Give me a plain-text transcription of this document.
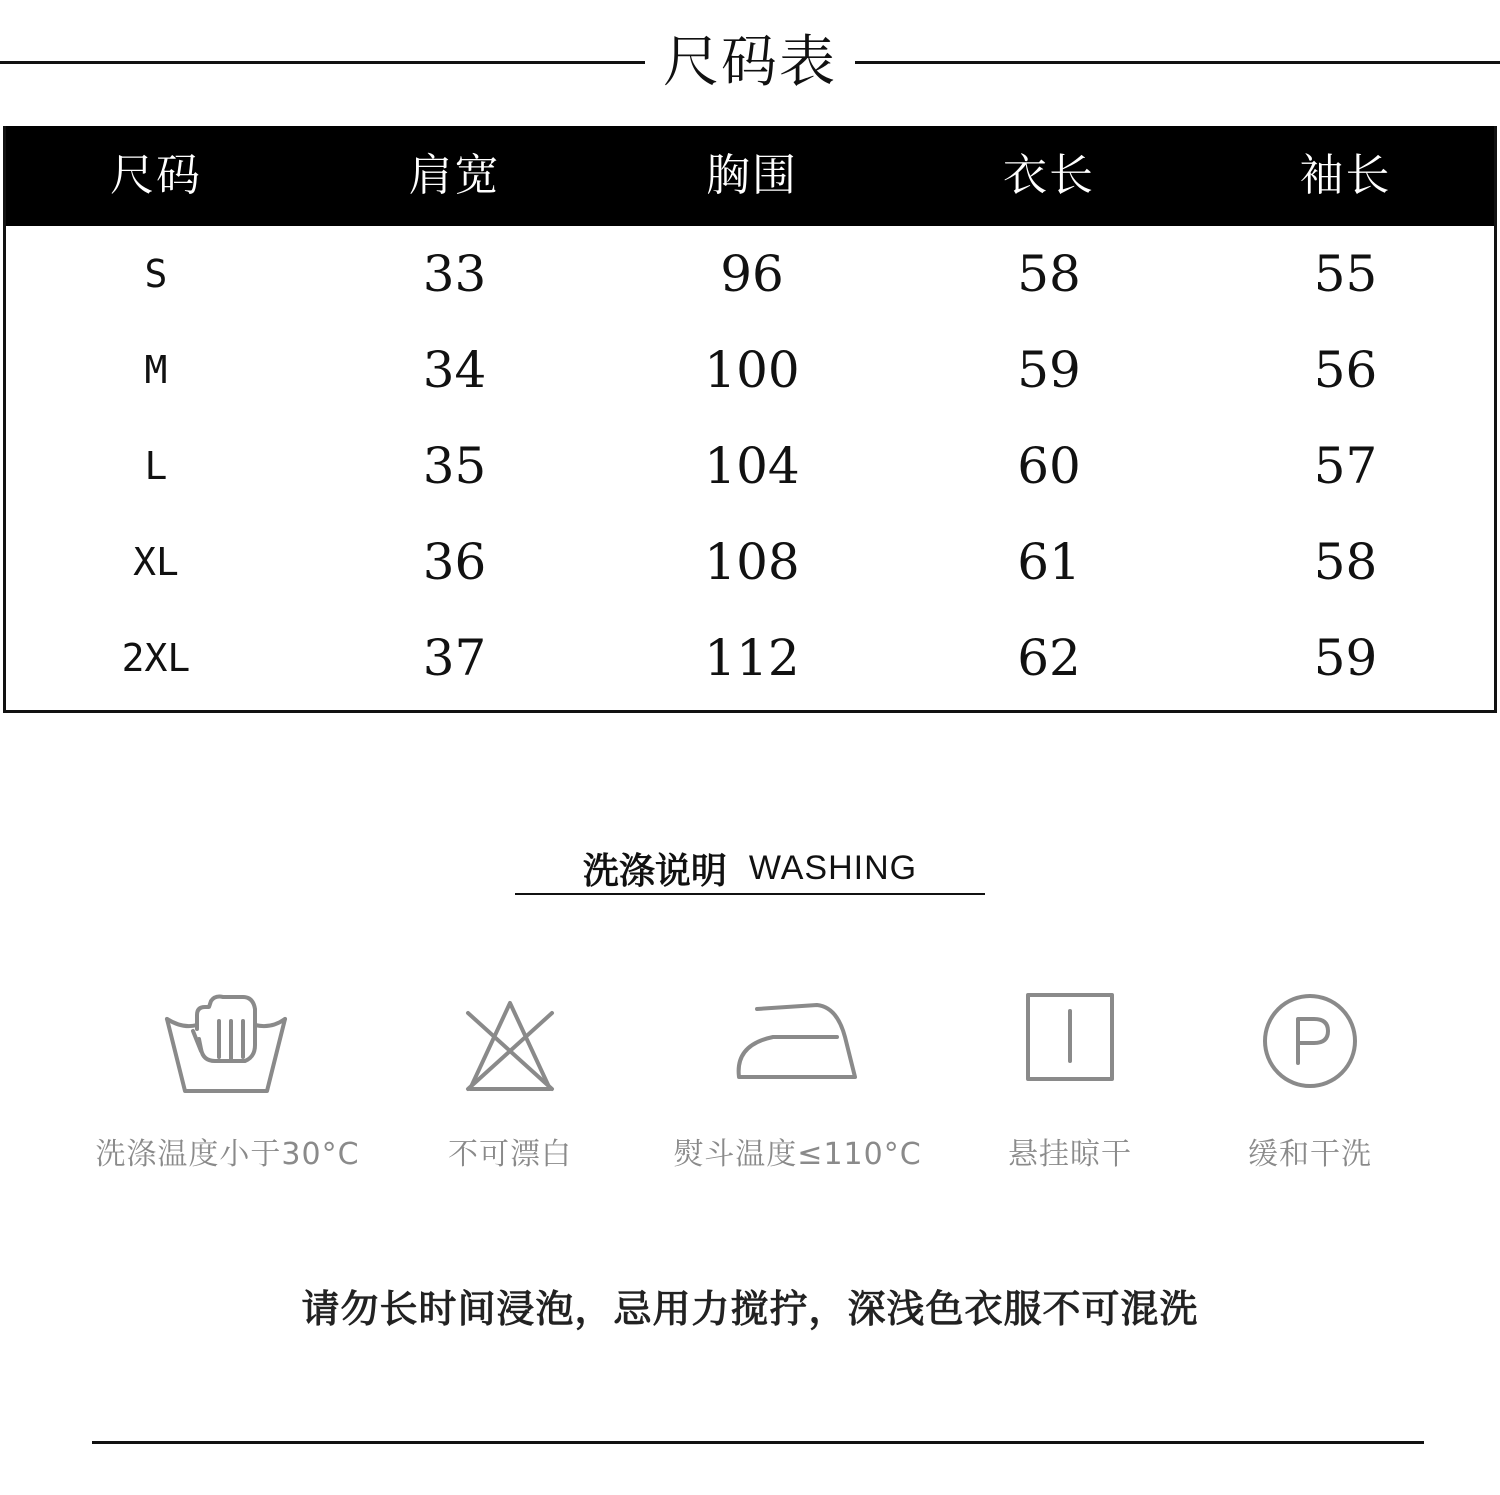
尺码表
尺码	肩宽	胸围	衣长	袖长
S	33	96	58	55
M	34	100	59	56
L	35	104	60	57
XL	36	108	61	58
2XL	37	112	62	59
洗涤说明 WASHING
洗涤温度小于30°C	不可漂白	熨斗温度≤110°C	悬挂晾干	缓和干洗
请勿长时间浸泡，忌用力搅拧，深浅色衣服不可混洗
